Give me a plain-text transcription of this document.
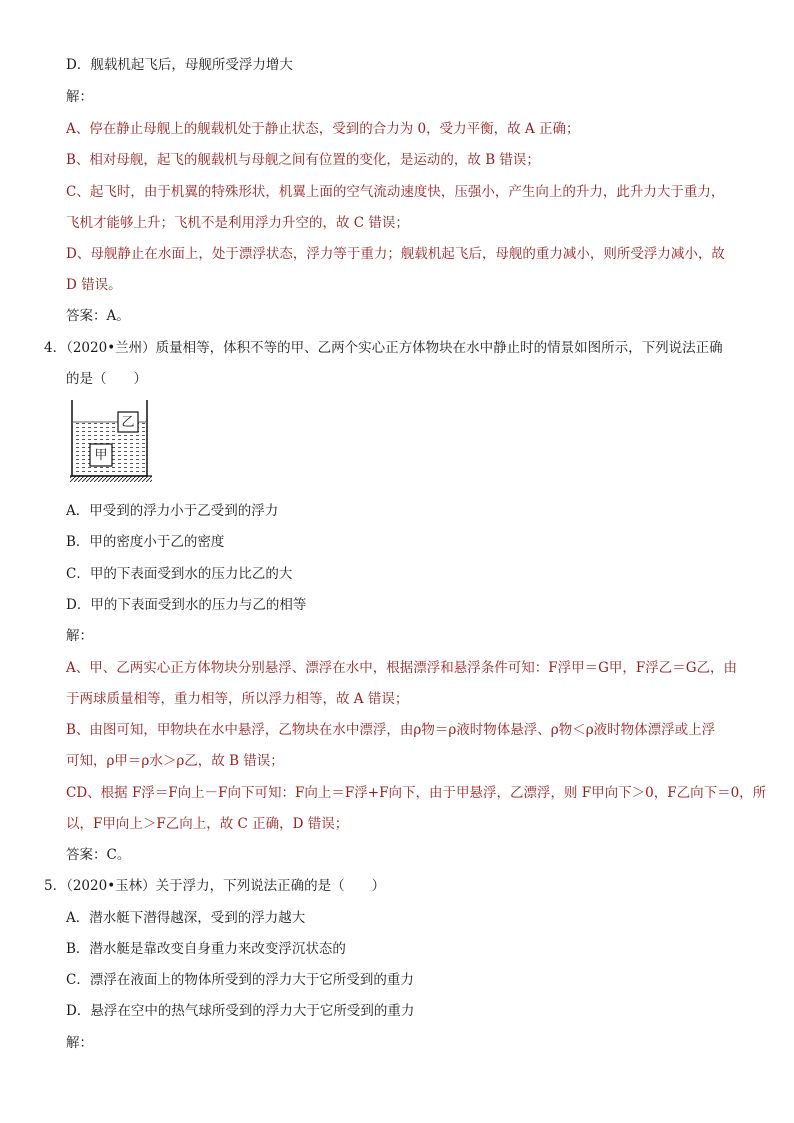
D．舰载机起飞后，母舰所受浮力增大
解：
A、停在静止母舰上的舰载机处于静止状态，受到的合力为 0，受力平衡，故 A 正确；
B、相对母舰，起飞的舰载机与母舰之间有位置的变化，是运动的，故 B 错误；
C、起飞时，由于机翼的特殊形状，机翼上面的空气流动速度快，压强小，产生向上的升力，此升力大于重力，
飞机才能够上升；飞机不是利用浮力升空的，故 C 错误；
D、母舰静止在水面上，处于漂浮状态，浮力等于重力；舰载机起飞后，母舰的重力减小，则所受浮力减小，故
D 错误。
答案：A。
4．（2020•兰州）质量相等，体积不等的甲、乙两个实心正方体物块在水中静止时的情景如图所示，下列说法正确
的是（　　）
乙
甲
A．甲受到的浮力小于乙受到的浮力
B．甲的密度小于乙的密度
C．甲的下表面受到水的压力比乙的大
D．甲的下表面受到水的压力与乙的相等
解：
A、甲、乙两实心正方体物块分别悬浮、漂浮在水中，根据漂浮和悬浮条件可知：F浮甲＝G甲，F浮乙＝G乙，由
于两球质量相等，重力相等，所以浮力相等，故 A 错误；
B、由图可知，甲物块在水中悬浮，乙物块在水中漂浮，由ρ物＝ρ液时物体悬浮、ρ物＜ρ液时物体漂浮或上浮
可知，ρ甲＝ρ水＞ρ乙，故 B 错误；
CD、根据 F浮＝F向上－F向下可知：F向上＝F浮+F向下，由于甲悬浮，乙漂浮，则 F甲向下＞0，F乙向下＝0，所
以，F甲向上＞F乙向上，故 C 正确，D 错误；
答案：C。
5．（2020•玉林）关于浮力，下列说法正确的是（　　）
A．潜水艇下潜得越深，受到的浮力越大
B．潜水艇是靠改变自身重力来改变浮沉状态的
C．漂浮在液面上的物体所受到的浮力大于它所受到的重力
D．悬浮在空中的热气球所受到的浮力大于它所受到的重力
解：
